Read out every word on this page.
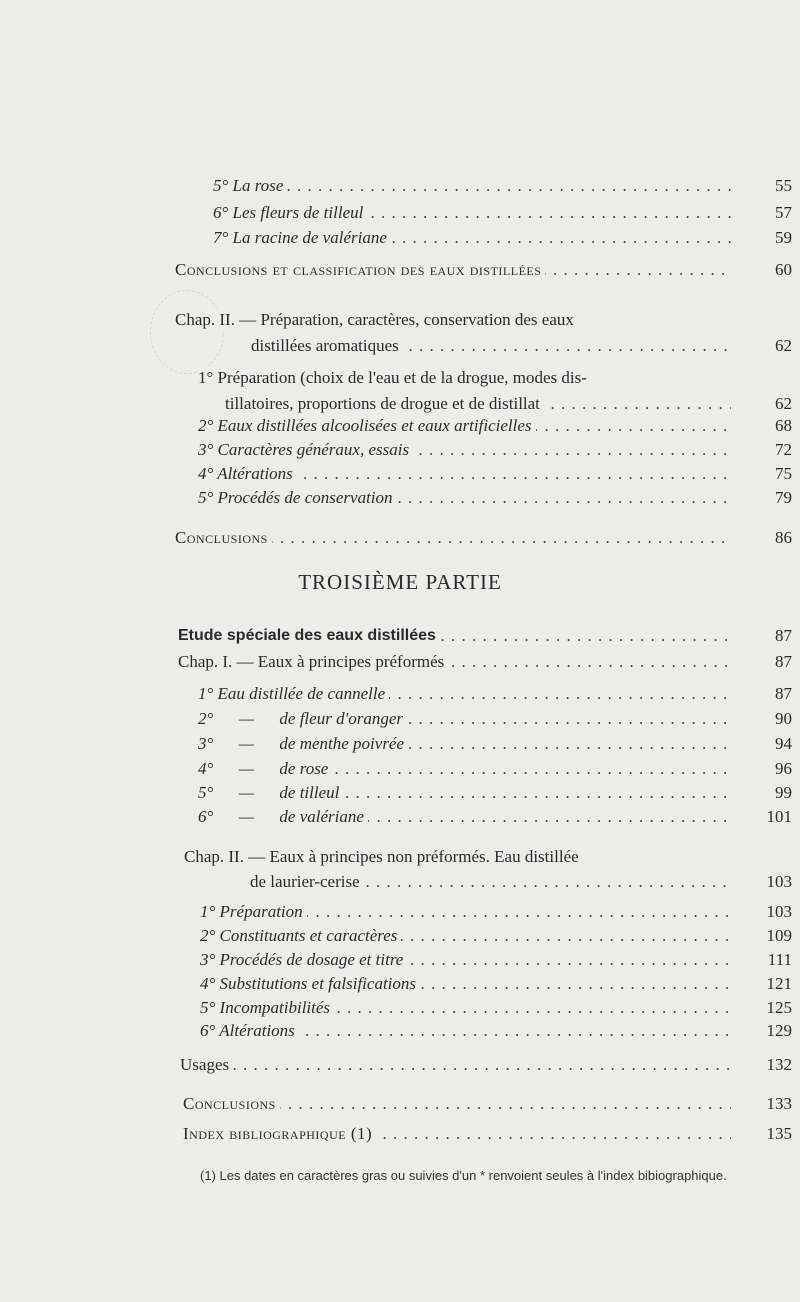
5° La rose . . .	55
6° Les fleurs de tilleul . . .	57
7° La racine de valériane . . .	59
Conclusions et classification des eaux distillées . . .	60
Chap. II. — Préparation, caractères, conservation des eaux
distillées aromatiques . . .	62
1° Préparation (choix de l'eau et de la drogue, modes dis-
tillatoires, proportions de drogue et de distillat . . .	62
2° Eaux distillées alcoolisées et eaux artificielles . . .	68
3° Caractères généraux, essais . . .	72
4° Altérations . . .	75
5° Procédés de conservation . . .	79
Conclusions . . .	86
TROISIÈME PARTIE
Etude spéciale des eaux distillées . . .	87
Chap. I. — Eaux à principes préformés . . .	87
1° Eau distillée de cannelle . . .	87
2°      —      de fleur d'oranger . . .	90
3°      —      de menthe poivrée . . .	94
4°      —      de rose . . .	96
5°      —      de tilleul . . .	99
6°      —      de valériane . . .	101
Chap. II. — Eaux à principes non préformés. Eau distillée
de laurier-cerise . . .	103
1° Préparation . . .	103
2° Constituants et caractères . . .	109
3° Procédés de dosage et titre . . .	111
4° Substitutions et falsifications . . .	121
5° Incompatibilités . . .	125
6° Altérations . . .	129
Usages . . .	132
Conclusions . . .	133
Index bibliographique (1) . . .	135
(1) Les dates en caractères gras ou suivies d'un * renvoient seules à l'index bibiographique.
